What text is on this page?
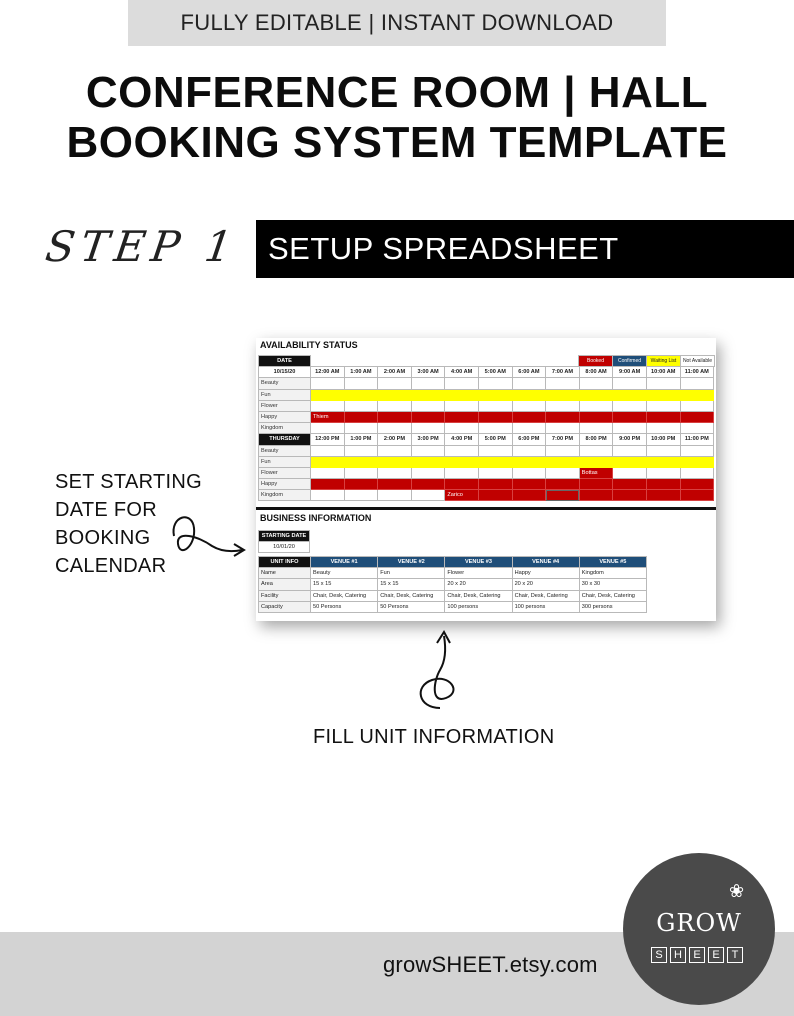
FULLY EDITABLE | INSTANT DOWNLOAD
CONFERENCE ROOM | HALL
BOOKING SYSTEM TEMPLATE
STEP 1 SETUP SPREADSHEET
AVAILABILITY STATUS
Booked	Confirmed	Waiting List	Not Available
DATE												
10/15/20	12:00 AM	1:00 AM	2:00 AM	3:00 AM	4:00 AM	5:00 AM	6:00 AM	7:00 AM	8:00 AM	9:00 AM	10:00 AM	11:00 AM
Beauty												
Fun												
Flower												
Happy	Thiem											
Kingdom												
THURSDAY	12:00 PM	1:00 PM	2:00 PM	3:00 PM	4:00 PM	5:00 PM	6:00 PM	7:00 PM	8:00 PM	9:00 PM	10:00 PM	11:00 PM
Beauty												
Fun												
Flower									Bottas			
Happy												
Kingdom					Zarico							
BUSINESS INFORMATION
STARTING DATE
10/01/20
UNIT INFO	VENUE #1	VENUE #2	VENUE #3	VENUE #4	VENUE #5
Name	Beauty	Fun	Flower	Happy	Kingdom
Area	15 x 15	15 x 15	20 x 20	20 x 20	30 x 30
Facility	Chair, Desk, Catering	Chair, Desk, Catering	Chair, Desk, Catering	Chair, Desk, Catering	Chair, Desk, Catering
Capacity	50 Persons	50 Persons	100 persons	100 persons	300 persons
SET STARTING
DATE FOR
BOOKING
CALENDAR
FILL UNIT INFORMATION
growSHEET.etsy.com
❀
GROW
S	H	E	E	T
